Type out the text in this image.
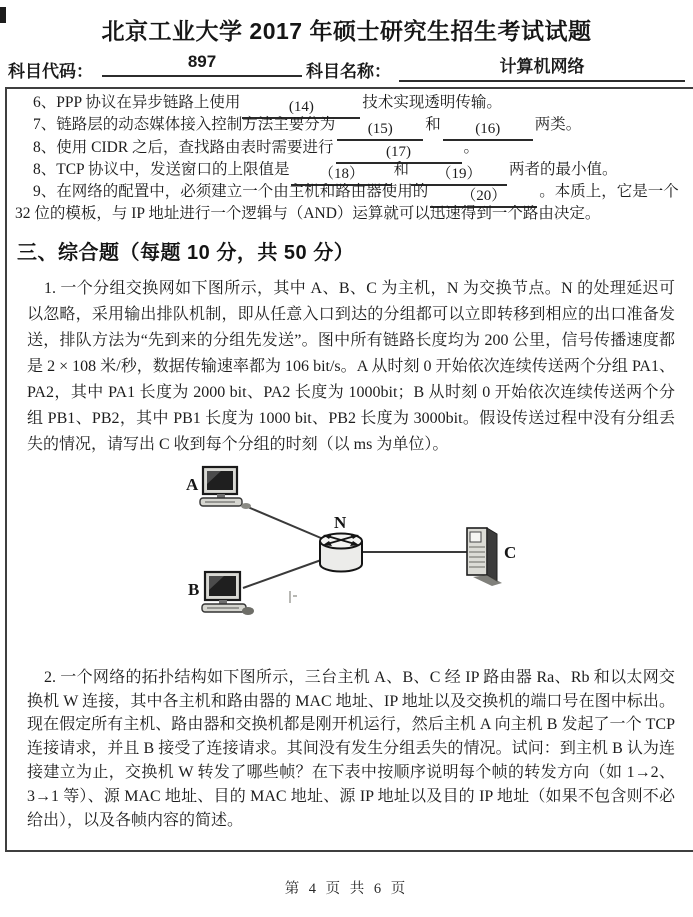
北京工业大学 2017 年硕士研究生招生考试试题
科目代码：
897
科目名称：	计算机网络
6、PPP 协议在异步链路上使用	(14)	技术实现透明传输。
7、链路层的动态媒体接入控制方法主要分为 (15) 和 (16) 两类。
8、使用 CIDR 之后，查找路由表时需要进行	(17)	。
8、TCP 协议中，发送窗口的上限值是 （18） 和 （19） 两者的最小值。
9、在网络的配置中，必须建立一个由主机和路由器使用的 （20） 。本质上，它是一个
32 位的模板，与 IP 地址进行一个逻辑与（AND）运算就可以迅速得到一个路由决定。
三、综合题（每题 10 分，共 50 分）

1. 一个分组交换网如下图所示，其中 A、B、C 为主机，N 为交换节点。N 的处理延迟可以忽略，采用输出排队机制，即从任意入口到达的分组都可以立即转移到相应的出口准备发送，排队方法为“先到来的分组先发送”。图中所有链路长度均为 200 公里，信号传播速度都是 2 × 108 米/秒，数据传输速率都为 106 bit/s。A 从时刻 0 开始依次连续传送两个分组 PA1、PA2，其中 PA1 长度为 2000 bit、PA2 长度为 1000bit；B 从时刻 0 开始依次连续传送两个分组 PB1、PB2，其中 PB1 长度为 1000 bit、PB2 长度为 3000bit。假设传送过程中没有分组丢失的情况，请写出 C 收到每个分组的时刻（以 ms 为单位）。

A
B
N
C

2. 一个网络的拓扑结构如下图所示，三台主机 A、B、C 经 IP 路由器 Ra、Rb 和以太网交换机 W 连接，其中各主机和路由器的 MAC 地址、IP 地址以及交换机的端口号在图中标出。现在假定所有主机、路由器和交换机都是刚开机运行，然后主机 A 向主机 B 发起了一个 TCP 连接请求，并且 B 接受了连接请求。其间没有发生分组丢失的情况。试问：到主机 B 认为连接建立为止，交换机 W 转发了哪些帧？在下表中按顺序说明每个帧的转发方向（如 1→2、3→1 等）、源 MAC 地址、目的 MAC 地址、源 IP 地址以及目的 IP 地址（如果不包含则不必给出），以及各帧内容的简述。

第 4 页 共 6 页
